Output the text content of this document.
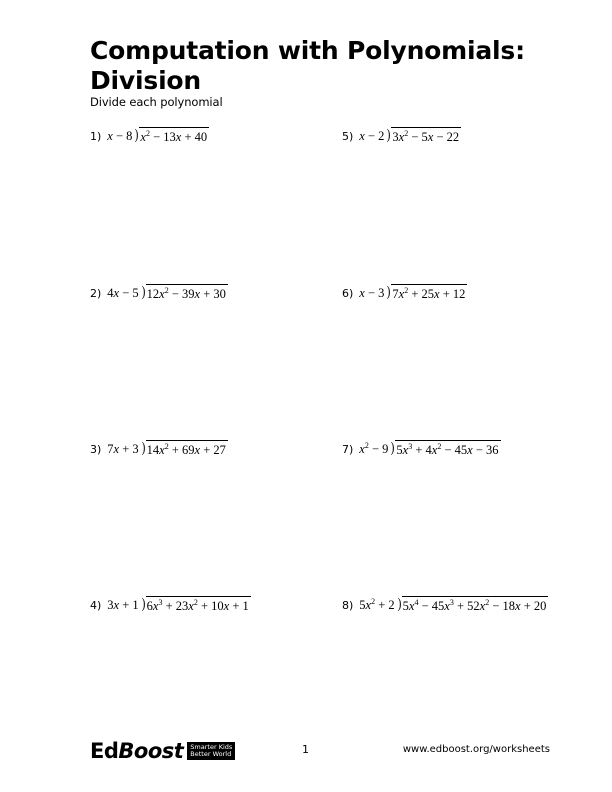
Computation with Polynomials:
Division
Divide each polynomial
1) x − 8 ) $x^2 - 13x + 40$
2) 4x − 5 ) $12x^2 - 39x + 30$
3) 7x + 3 ) $14x^2 + 69x + 27$
4) 3x + 1 ) $6x^3 + 23x^2 + 10x + 1$
5) x − 2 ) $3x^2 - 5x - 22$
6) x − 3 ) $7x^2 + 25x + 12$
7) $x^2 - 9$ ) $5x^3 + 4x^2 - 45x - 36$
8) $5x^2 + 2$ ) $5x^4 - 45x^3 + 52x^2 - 18x + 20$
EdBoost Smarter Kids
Better World	1	www.edboost.org/worksheets
